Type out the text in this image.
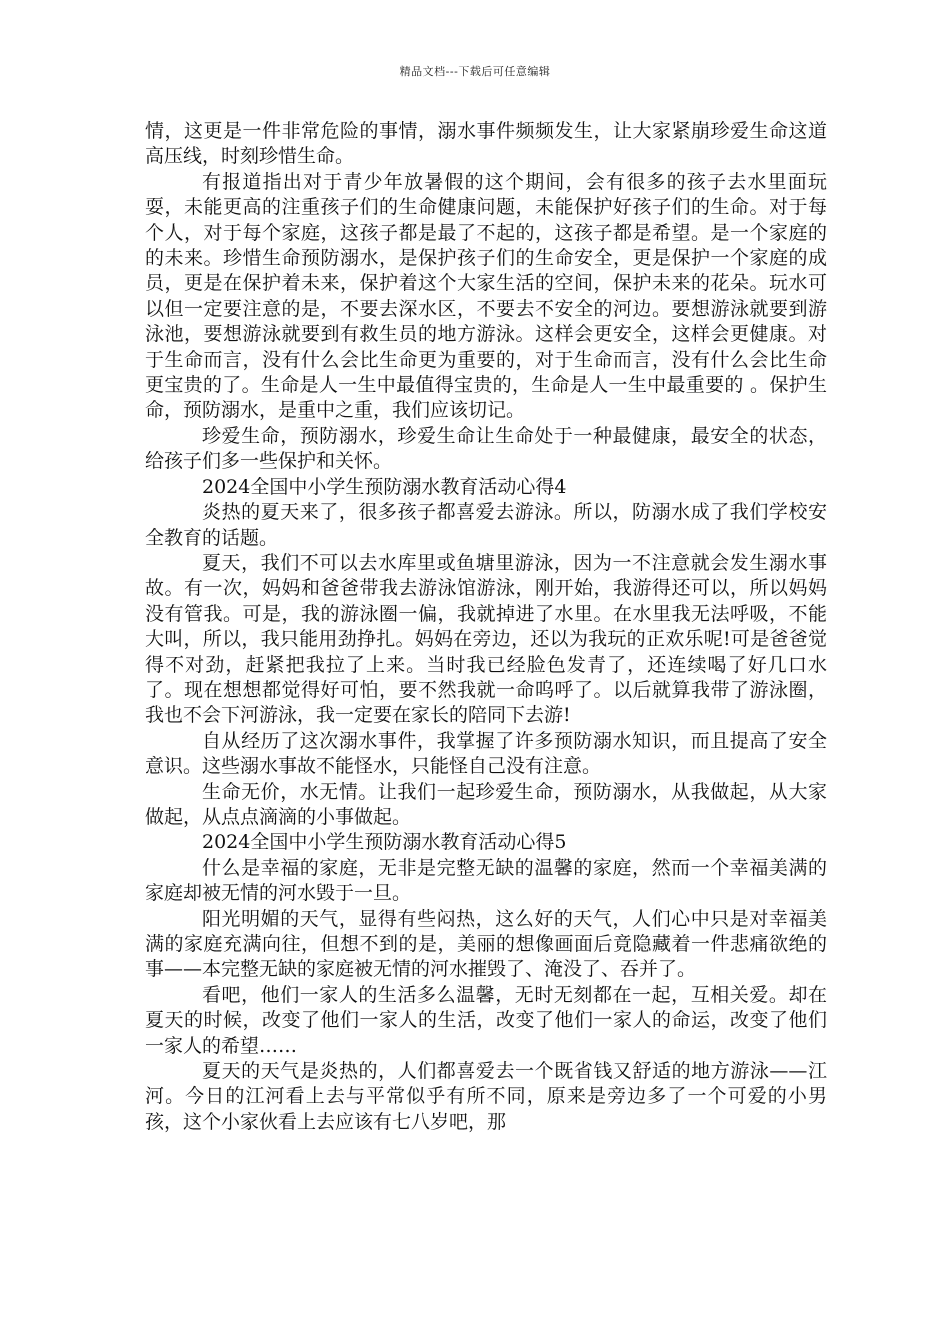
精品文档---下载后可任意编辑

情，这更是一件非常危险的事情，溺水事件频频发生，让大家紧崩珍爱生命这道高压线，时刻珍惜生命。

有报道指出对于青少年放暑假的这个期间，会有很多的孩子去水里面玩耍，未能更高的注重孩子们的生命健康问题，未能保护好孩子们的生命。对于每个人，对于每个家庭，这孩子都是最了不起的，这孩子都是希望。是一个家庭的的未来。珍惜生命预防溺水，是保护孩子们的生命安全，更是保护一个家庭的成员，更是在保护着未来，保护着这个大家生活的空间，保护未来的花朵。玩水可以但一定要注意的是，不要去深水区，不要去不安全的河边。要想游泳就要到游泳池，要想游泳就要到有救生员的地方游泳。这样会更安全，这样会更健康。对于生命而言，没有什么会比生命更为重要的，对于生命而言，没有什么会比生命更宝贵的了。生命是人一生中最值得宝贵的，生命是人一生中最重要的 。保护生命，预防溺水，是重中之重，我们应该切记。

珍爱生命，预防溺水，珍爱生命让生命处于一种最健康，最安全的状态，给孩子们多一些保护和关怀。

2024全国中小学生预防溺水教育活动心得4

炎热的夏天来了，很多孩子都喜爱去游泳。所以，防溺水成了我们学校安全教育的话题。

夏天，我们不可以去水库里或鱼塘里游泳，因为一不注意就会发生溺水事故。有一次，妈妈和爸爸带我去游泳馆游泳，刚开始，我游得还可以，所以妈妈没有管我。可是，我的游泳圈一偏，我就掉进了水里。在水里我无法呼吸，不能大叫，所以，我只能用劲挣扎。妈妈在旁边，还以为我玩的正欢乐呢!可是爸爸觉得不对劲，赶紧把我拉了上来。当时我已经脸色发青了，还连续喝了好几口水了。现在想想都觉得好可怕，要不然我就一命呜呼了。以后就算我带了游泳圈，我也不会下河游泳，我一定要在家长的陪同下去游!

自从经历了这次溺水事件，我掌握了许多预防溺水知识，而且提高了安全意识。这些溺水事故不能怪水，只能怪自己没有注意。

生命无价，水无情。让我们一起珍爱生命，预防溺水，从我做起，从大家做起，从点点滴滴的小事做起。

2024全国中小学生预防溺水教育活动心得5

什么是幸福的家庭，无非是完整无缺的温馨的家庭，然而一个幸福美满的家庭却被无情的河水毁于一旦。

阳光明媚的天气，显得有些闷热，这么好的天气，人们心中只是对幸福美满的家庭充满向往，但想不到的是，美丽的想像画面后竟隐藏着一件悲痛欲绝的事——本完整无缺的家庭被无情的河水摧毁了、淹没了、吞并了。

看吧，他们一家人的生活多么温馨，无时无刻都在一起，互相关爱。却在夏天的时候，改变了他们一家人的生活，改变了他们一家人的命运，改变了他们一家人的希望……

夏天的天气是炎热的，人们都喜爱去一个既省钱又舒适的地方游泳——江河。今日的江河看上去与平常似乎有所不同，原来是旁边多了一个可爱的小男孩，这个小家伙看上去应该有七八岁吧，那
